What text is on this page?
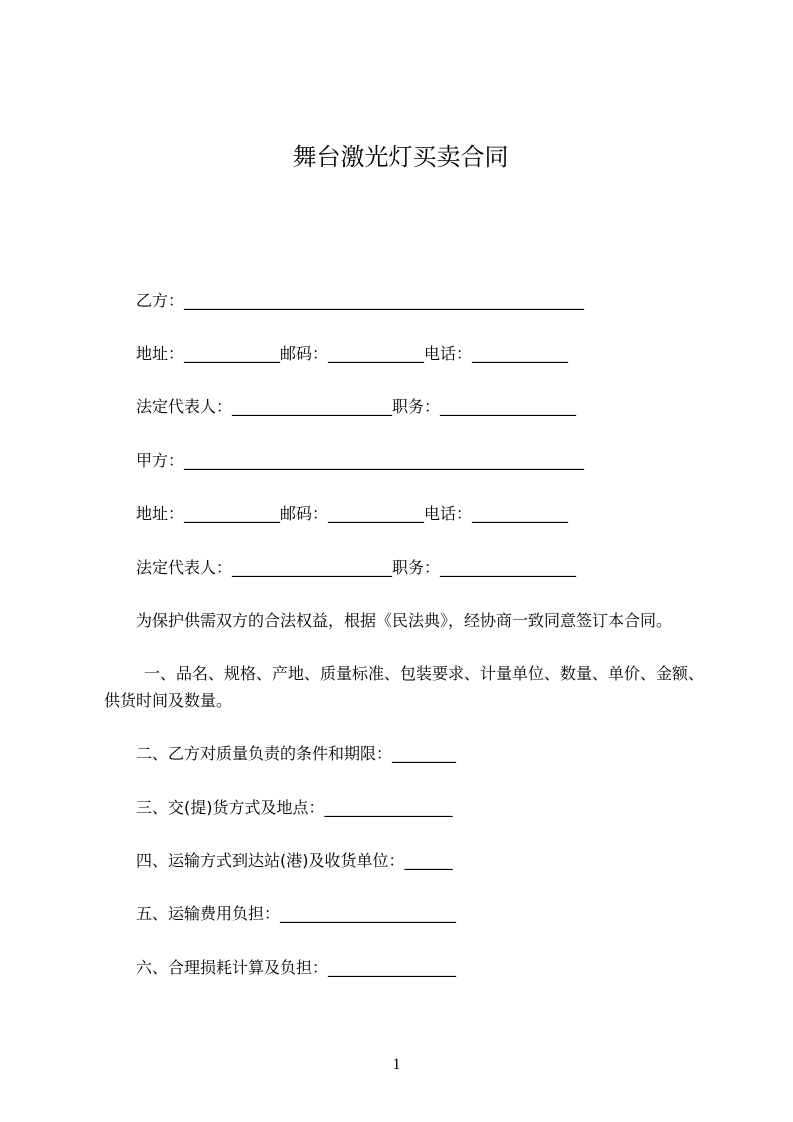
舞台激光灯买卖合同

乙方：__________________________________________________

地址：____________邮码：____________电话：____________

法定代表人：____________________职务：_________________

甲方：__________________________________________________

地址：____________邮码：____________电话：____________

法定代表人：____________________职务：_________________

为保护供需双方的合法权益，根据《民法典》，经协商一致同意签订本合同。

一、品名、规格、产地、质量标准、包装要求、计量单位、数量、单价、金额、供货时间及数量。

二、乙方对质量负责的条件和期限：________

三、交(提)货方式及地点：________________

四、运输方式到达站(港)及收货单位：______

五、运输费用负担：______________________

六、合理损耗计算及负担：________________

1
